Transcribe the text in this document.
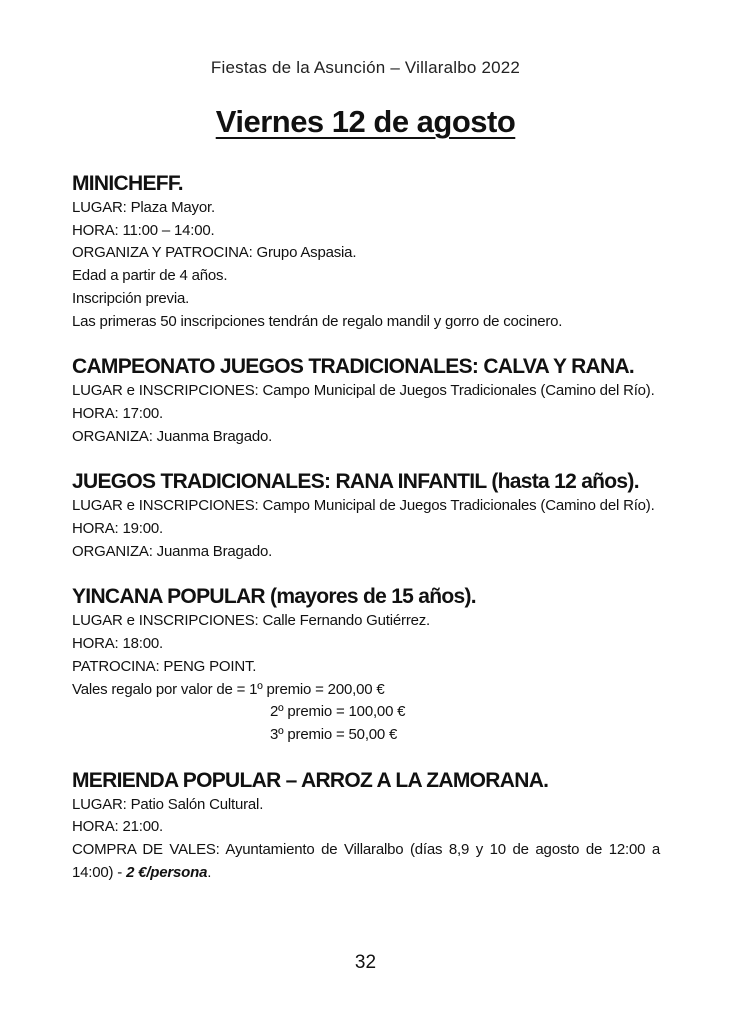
Fiestas de la Asunción – Villaralbo 2022
Viernes 12 de agosto

MINICHEFF.

LUGAR: Plaza Mayor.

HORA: 11:00 – 14:00.

ORGANIZA Y PATROCINA: Grupo Aspasia.

Edad a partir de 4 años.

Inscripción previa.

Las primeras 50 inscripciones tendrán de regalo mandil y gorro de cocinero.

CAMPEONATO JUEGOS TRADICIONALES: CALVA Y RANA.

LUGAR e INSCRIPCIONES: Campo Municipal de Juegos Tradicionales (Camino del Río).

HORA: 17:00.

ORGANIZA: Juanma Bragado.

JUEGOS TRADICIONALES: RANA INFANTIL (hasta 12 años).

LUGAR e INSCRIPCIONES: Campo Municipal de Juegos Tradicionales (Camino del Río).

HORA: 19:00.

ORGANIZA: Juanma Bragado.

YINCANA POPULAR (mayores de 15 años).

LUGAR e INSCRIPCIONES: Calle Fernando Gutiérrez.

HORA: 18:00.

PATROCINA: PENG POINT.

Vales regalo por valor de = 1º premio = 200,00 €

2º premio = 100,00 €

3º premio = 50,00 €

MERIENDA POPULAR – ARROZ A LA ZAMORANA.

LUGAR: Patio Salón Cultural.

HORA: 21:00.

COMPRA DE VALES: Ayuntamiento de Villaralbo (días 8,9 y 10 de agosto de 12:00 a 14:00) - 2 €/persona.

32
